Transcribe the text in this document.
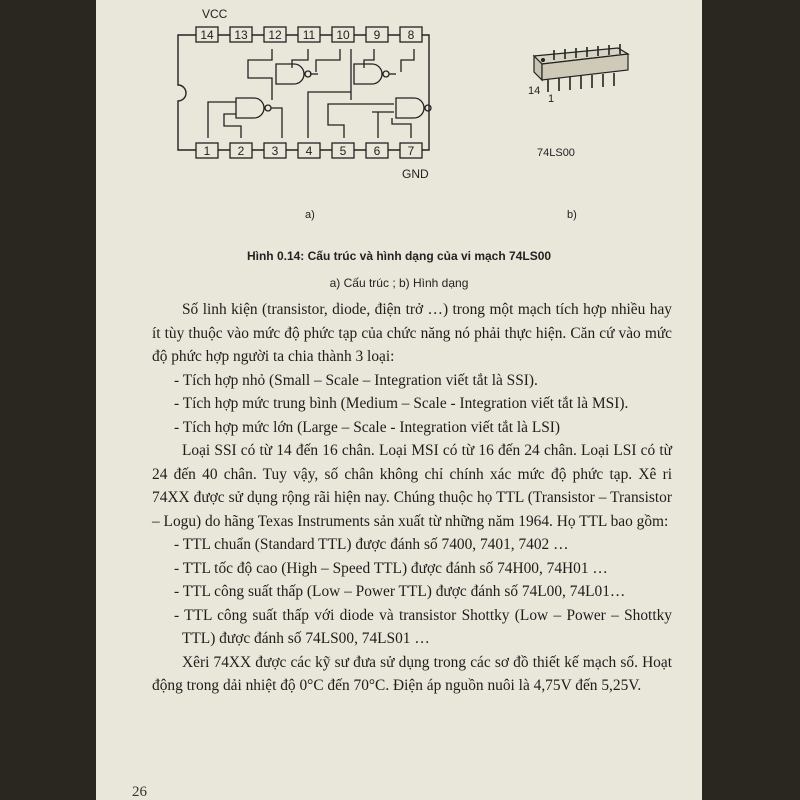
14 13 12 11 10 9 8
1 2 3 4 5 6 7
VCC
GND
a)	b)
14
1
74LS00
Hình 0.14: Cấu trúc và hình dạng của vi mạch 74LS00
a) Cấu trúc ; b) Hình dạng

Số linh kiện (transistor, diode, điện trở …) trong một mạch tích hợp nhiều hay ít tùy thuộc vào mức độ phức tạp của chức năng nó phải thực hiện. Căn cứ vào mức độ phức hợp người ta chia thành 3 loại:

- Tích hợp nhỏ (Small – Scale – Integration viết tắt là SSI).

- Tích hợp mức trung bình (Medium – Scale - Integration viết tắt là MSI).

- Tích hợp mức lớn (Large – Scale - Integration viết tắt là LSI)

Loại SSI có từ 14 đến 16 chân. Loại MSI có từ 16 đến 24 chân. Loại LSI có từ 24 đến 40 chân. Tuy vậy, số chân không chỉ chính xác mức độ phức tạp. Xê ri 74XX được sử dụng rộng rãi hiện nay. Chúng thuộc họ TTL (Transistor – Transistor – Logu) do hãng Texas Instruments sản xuất từ những năm 1964. Họ TTL bao gồm:

- TTL chuẩn (Standard TTL) được đánh số 7400, 7401, 7402 …

- TTL tốc độ cao (High – Speed TTL) được đánh số 74H00, 74H01 …

- TTL công suất thấp (Low – Power TTL) được đánh số 74L00, 74L01…

- TTL công suất thấp với diode và transistor Shottky (Low – Power – Shottky TTL) được đánh số 74LS00, 74LS01 …

Xêri 74XX được các kỹ sư đưa sử dụng trong các sơ đồ thiết kế mạch số. Hoạt động trong dải nhiệt độ 0°C đến 70°C. Điện áp nguồn nuôi là 4,75V đến 5,25V.

26
